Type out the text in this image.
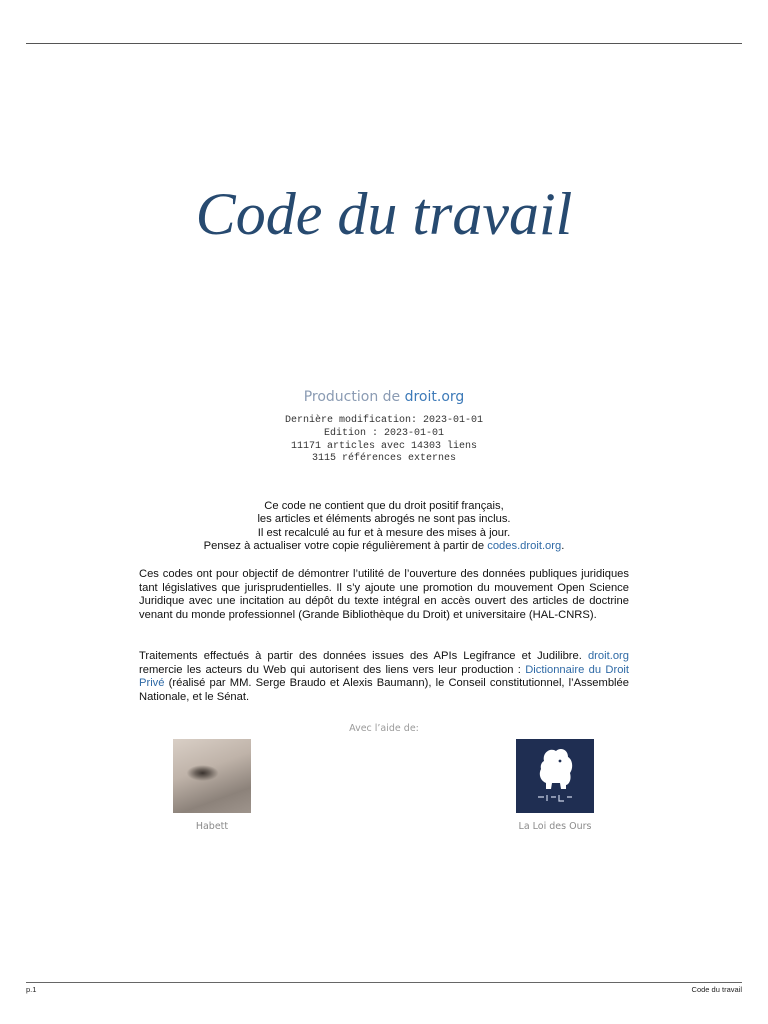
Code du travail
Production de droit.org
Dernière modification: 2023-01-01
Edition : 2023-01-01
11171 articles avec 14303 liens
3115 références externes
Ce code ne contient que du droit positif français,
les articles et éléments abrogés ne sont pas inclus.
Il est recalculé au fur et à mesure des mises à jour.
Pensez à actualiser votre copie régulièrement à partir de codes.droit.org.

Ces codes ont pour objectif de démontrer l’utilité de l’ouverture des données publiques juridiques tant législatives que jurisprudentielles. Il s’y ajoute une promotion du mouvement Open Science Juridique avec une incitation au dépôt du texte intégral en accès ouvert des articles de doctrine venant du monde professionnel (Grande Bibliothèque du Droit) et universitaire (HAL-CNRS).

Traitements effectués à partir des données issues des APIs Legifrance et Judilibre. droit.org remercie les acteurs du Web qui autorisent des liens vers leur production : Dictionnaire du Droit Privé (réalisé par MM. Serge Braudo et Alexis Baumann), le Conseil constitutionnel, l’Assemblée Nationale, et le Sénat.

Avec l’aide de:
Habett	La Loi des Ours
p.1	Code du travail
